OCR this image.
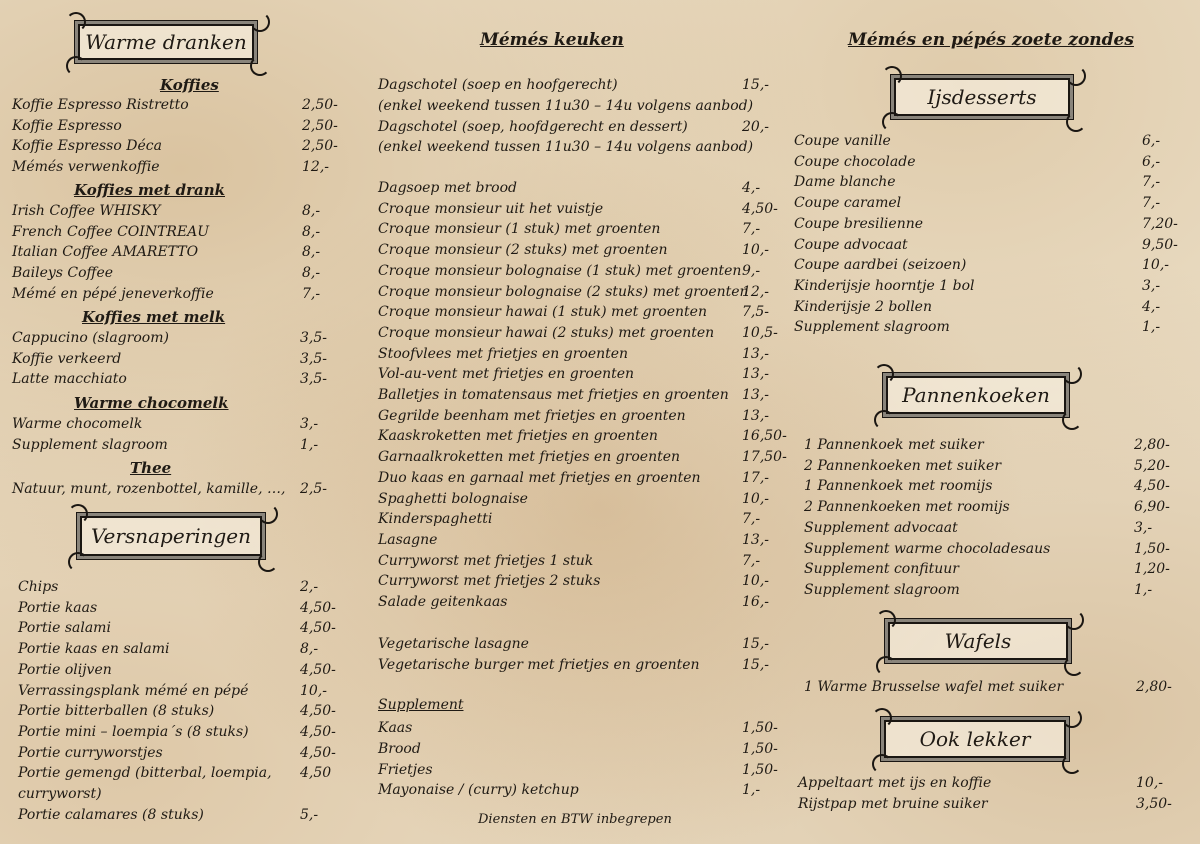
Warme dranken
Koffies
Koffie Espresso Ristretto	2,50-
Koffie Espresso	2,50-
Koffie Espresso Déca	2,50-
Mémés verwenkoffie	12,-
Koffies met drank
Irish Coffee WHISKY	8,-
French Coffee COINTREAU	8,-
Italian Coffee AMARETTO	8,-
Baileys Coffee	8,-
Mémé en pépé jeneverkoffie	7,-
Koffies met melk
Cappucino (slagroom)	3,5-
Koffie verkeerd	3,5-
Latte macchiato	3,5-
Warme chocomelk
Warme chocomelk	3,-
Supplement slagroom	1,-
Thee
Natuur, munt, rozenbottel, kamille, …, 2,5-
Versnaperingen
Chips	2,-
Portie kaas	4,50-
Portie salami	4,50-
Portie kaas en salami	8,-
Portie olijven	4,50-
Verrassingsplank mémé en pépé	10,-
Portie bitterballen (8 stuks)	4,50-
Portie mini – loempia´s (8 stuks)	4,50-
Portie curryworstjes	4,50-
Portie gemengd (bitterbal, loempia, 4,50
curryworst)
Portie calamares (8 stuks)	5,-
Mémés keuken
Dagschotel (soep en hoofgerecht)	15,-
(enkel weekend tussen 11u30 – 14u volgens aanbod)
Dagschotel (soep, hoofdgerecht en dessert)	20,-
(enkel weekend tussen 11u30 – 14u volgens aanbod)
Dagsoep met brood	4,-
Croque monsieur uit het vuistje	4,50-
Croque monsieur (1 stuk) met groenten	7,-
Croque monsieur (2 stuks) met groenten	10,-
Croque monsieur bolognaise (1 stuk) met groenten 9,-
Croque monsieur bolognaise (2 stuks) met groenten
12,-
Croque monsieur hawai (1 stuk) met groenten	7,5-
Croque monsieur hawai (2 stuks) met groenten 10,5-
Stoofvlees met frietjes en groenten	13,-
Vol-au-vent met frietjes en groenten	13,-
Balletjes in tomatensaus met frietjes en groenten 13,-
Gegrilde beenham met frietjes en groenten	13,-
Kaaskroketten met frietjes en groenten	16,50-
Garnaalkroketten met frietjes en groenten	17,50-
Duo kaas en garnaal met frietjes en groenten	17,-
Spaghetti bolognaise	10,-
Kinderspaghetti	7,-
Lasagne	13,-
Curryworst met frietjes 1 stuk	7,-
Curryworst met frietjes 2 stuks	10,-
Salade geitenkaas	16,-
Vegetarische lasagne	15,-
Vegetarische burger met frietjes en groenten	15,-
Supplement
Kaas	1,50-
Brood	1,50-
Frietjes	1,50-
Mayonaise / (curry) ketchup	1,-
Diensten en BTW inbegrepen
Mémés en pépés zoete zondes
Ijsdesserts
Coupe vanille	6,-
Coupe chocolade	6,-
Dame blanche	7,-
Coupe caramel	7,-
Coupe bresilienne	7,20-
Coupe advocaat	9,50-
Coupe aardbei (seizoen)	10,-
Kinderijsje hoorntje 1 bol	3,-
Kinderijsje 2 bollen	4,-
Supplement slagroom	1,-
Pannenkoeken
1 Pannenkoek met suiker	2,80-
2 Pannenkoeken met suiker	5,20-
1 Pannenkoek met roomijs	4,50-
2 Pannenkoeken met roomijs	6,90-
Supplement advocaat	3,-
Supplement warme chocoladesaus	1,50-
Supplement confituur	1,20-
Supplement slagroom	1,-
Wafels
1 Warme Brusselse wafel met suiker	2,80-
Ook lekker
Appeltaart met ijs en koffie	10,-
Rijstpap met bruine suiker	3,50-
